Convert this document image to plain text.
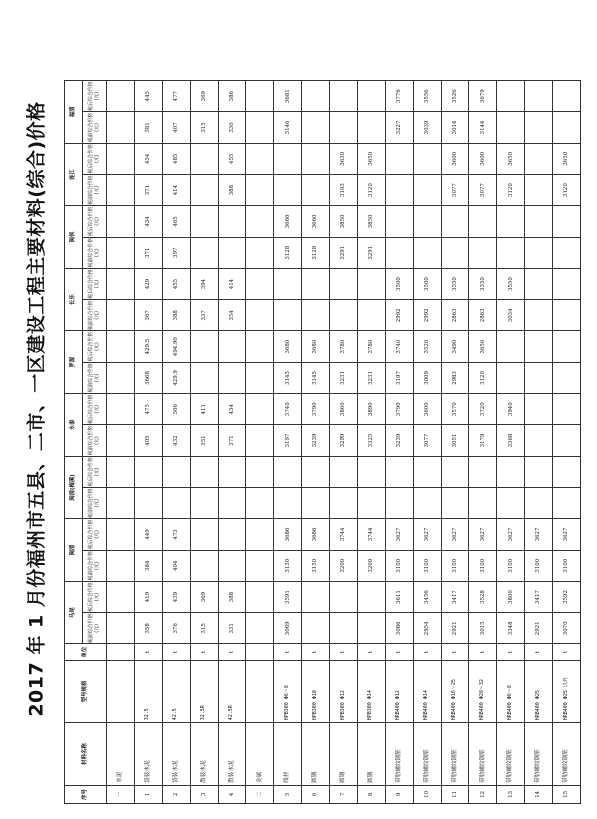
2017 年 1 月份福州市五县、二市、一区建设工程主要材料(综合)价格
序号	材料名称	型号规格	单位	马尾		闽清		闽清(梅溪)		永泰		罗源		长乐		闽侯		连江		福清	
				税前综合价格(元)	税后综合价格(元)	税前综合价格(元)	税后综合价格(元)	税前综合价格(元)	税后综合价格(元)	税前综合价格(元)	税后综合价格(元)	税前综合价格(元)	税后综合价格(元)	税前综合价格(元)	税后综合价格(元)	税前综合价格(元)	税后综合价格(元)	税前综合价格(元)	税后综合价格(元)	税前综合价格(元)	税后综合价格(元)
一	水泥																				
1	袋装水泥	32.5	t	358	419	384	449			405	475	3668	429.5	367	429	371	434	371	434	381	445
2	袋装水泥	42.5	t	376	439	404	473			432	506	429.9	494.90	388	455	397	465	414	485	407	477
3	散装水泥	32.5R	t	315	369					351	411			337	394					315	369
4	散装水泥	42.5R	t	331	388					371	434			354	414			388	455	330	386
二	金属																				
5	线材	HPB300 Φ6～8	t	3069	3591	3150	3686			3197	3740	3145	3680			3128	3660			3146	3681
6	圆钢	HPB300 Φ10	t			3150	3686			3239	3790	3145	3680			3128	3660				
7	圆钢	HPB300 Φ12	t			3200	3744			3299	3860	3231	3780			3291	3850	3103	3630		
8	圆钢	HPB300 Φ14	t			3200	3744			3325	3890	3231	3780			3291	3850	3120	3650		
9	带肋螺纹钢筋	HRB400 Φ12	t	3086	3611	3100	3627			3239	3790	3197	3740	2992	3500					3227	3776
10	带肋螺纹钢筋	HRB400 Φ14	t	2954	3456	3100	3627			3077	3600	3009	3520	2992	3500					3039	3556
11	带肋螺纹钢筋	HRB400 Φ16～25	t	2921	3417	3100	3627			3051	3570	2983	3490	2863	3350			3077	3600	3014	3526
12	带肋螺纹钢筋	HRB400 Φ28～32	t	3015	3528	3100	3627			3179	3720	3120	3650	2863	3350			3077	3600	3144	3679
13	带肋螺纹钢筋	HRB400 Φ6～8	t	3348	3800	3100	3627			3368	3940			3034	3550			3120	3650		
14	带肋螺纹钢筋	HRB400 Φ25	t	2921	3417	3100	3627														
15	带肋螺纹钢筋	HRB400 Φ25 以外	t	3070	3592	3100	3627											3120	3650		
